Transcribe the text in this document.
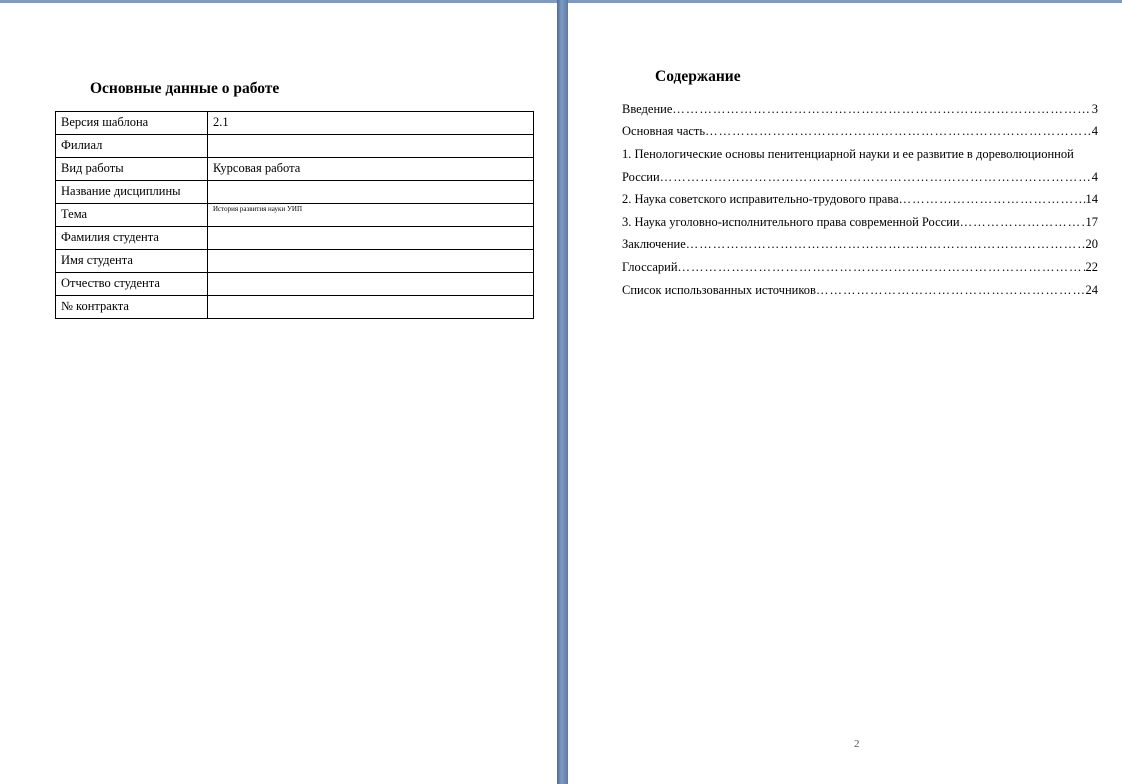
Основные данные о работе
Версия шаблона	2.1
Филиал	
Вид работы	Курсовая работа
Название дисциплины	
Тема	История развития науки УИП
Фамилия студента	
Имя студента	
Отчество студента	
№ контракта	
Содержание
Введение ……………………………………………………………………………………………………………………………………………………	3
Основная часть ……………………………………………………………………………………………………………………………………………………	4
1. Пенологические основы пенитенциарной науки и ее развитие в дореволюционной
России ……………………………………………………………………………………………………………………………………………………	4
2. Наука советского исправительно-трудового права ……………………………………………………………………………………………………………………………………………………	14
3. Наука уголовно-исполнительного права современной России ……………………………………………………………………………………………………………………………………………………	17
Заключение ……………………………………………………………………………………………………………………………………………………	20
Глоссарий ……………………………………………………………………………………………………………………………………………………	22
Список использованных источников ……………………………………………………………………………………………………………………………………………………	24
2
